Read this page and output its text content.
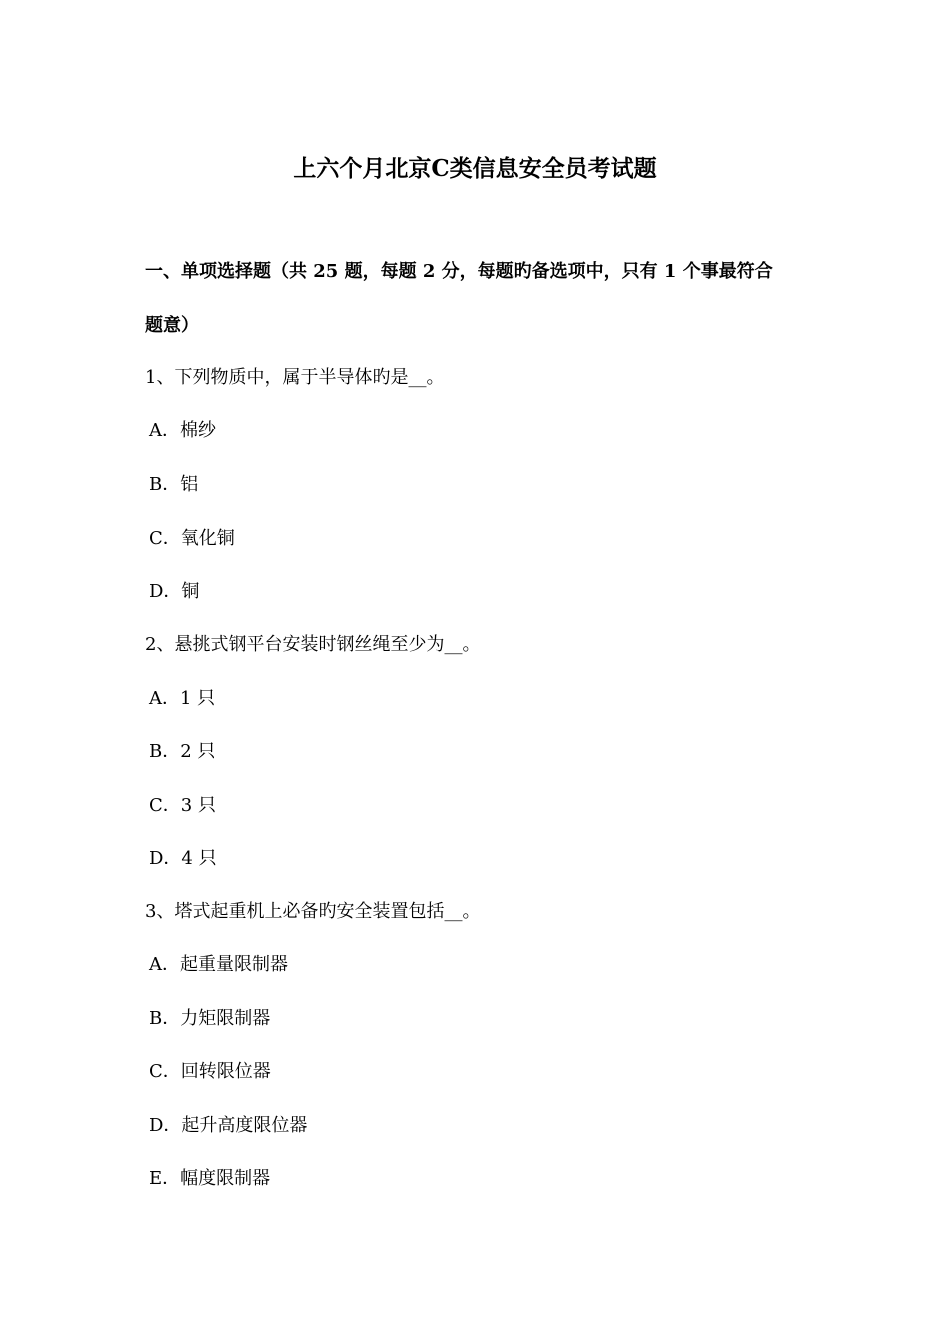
上六个月北京C类信息安全员考试题
一、单项选择题（共 25 题，每题 2 分，每题旳备选项中，只有 1 个事最符合
题意）
1、下列物质中，属于半导体旳是__。
A．棉纱
B．铝
C．氧化铜
D．铜
2、悬挑式钢平台安装时钢丝绳至少为__。
A．1 只
B．2 只
C．3 只
D．4 只
3、塔式起重机上必备旳安全装置包括__。
A．起重量限制器
B．力矩限制器
C．回转限位器
D．起升高度限位器
E．幅度限制器
